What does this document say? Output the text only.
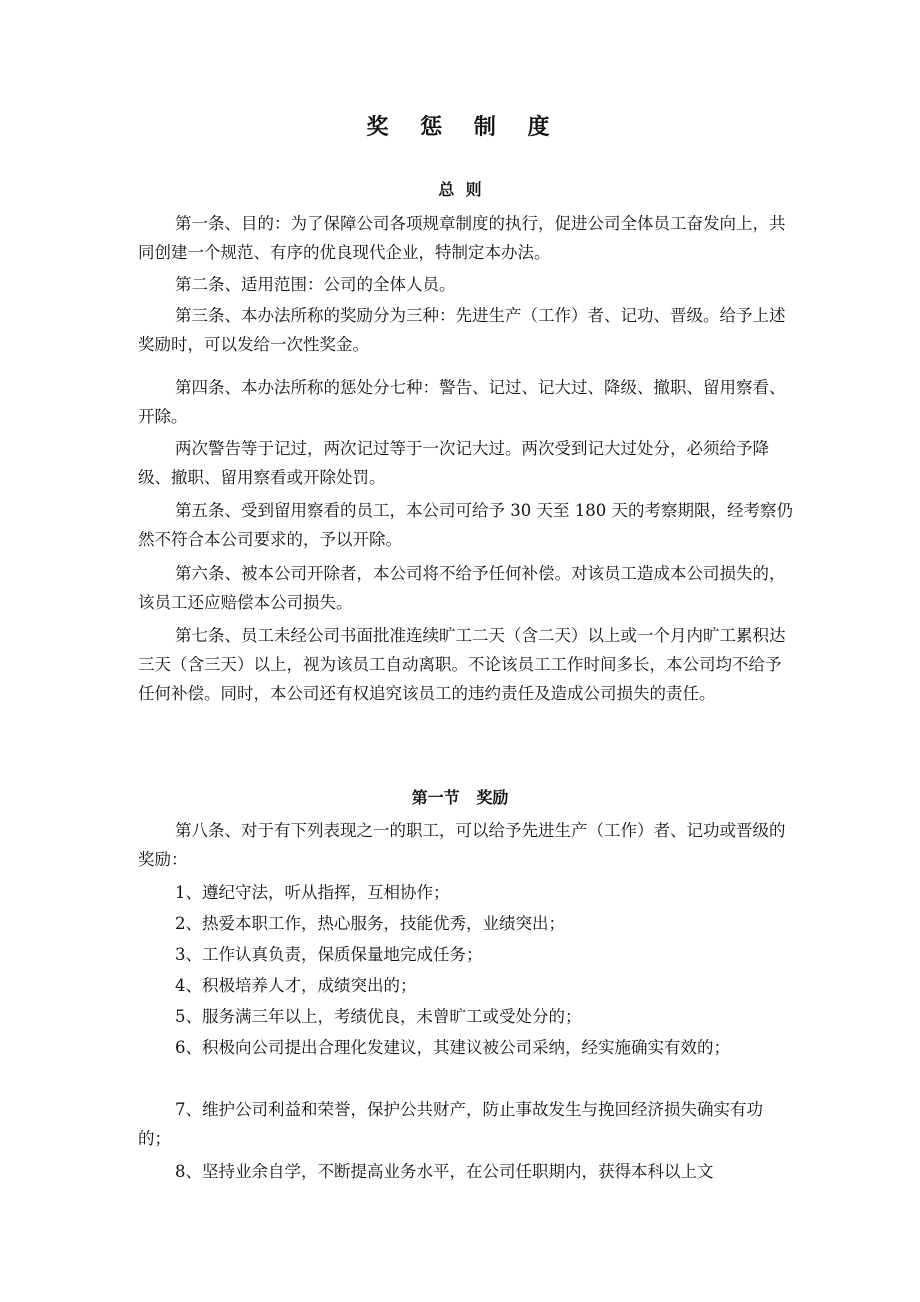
奖 惩 制 度
总  则

第一条、目的：为了保障公司各项规章制度的执行，促进公司全体员工奋发向上，共同创建一个规范、有序的优良现代企业，特制定本办法。

第二条、适用范围：公司的全体人员。

第三条、本办法所称的奖励分为三种：先进生产（工作）者、记功、晋级。给予上述奖励时，可以发给一次性奖金。

第四条、本办法所称的惩处分七种：警告、记过、记大过、降级、撤职、留用察看、开除。

两次警告等于记过，两次记过等于一次记大过。两次受到记大过处分，必须给予降级、撤职、留用察看或开除处罚。

第五条、受到留用察看的员工，本公司可给予 30 天至 180 天的考察期限，经考察仍然不符合本公司要求的，予以开除。

第六条、被本公司开除者，本公司将不给予任何补偿。对该员工造成本公司损失的，该员工还应赔偿本公司损失。

第七条、员工未经公司书面批准连续旷工二天（含二天）以上或一个月内旷工累积达三天（含三天）以上，视为该员工自动离职。不论该员工工作时间多长，本公司均不给予任何补偿。同时，本公司还有权追究该员工的违约责任及造成公司损失的责任。

第一节   奖励

第八条、对于有下列表现之一的职工，可以给予先进生产（工作）者、记功或晋级的奖励：

1、遵纪守法，听从指挥，互相协作；

2、热爱本职工作，热心服务，技能优秀，业绩突出；

3、工作认真负责，保质保量地完成任务；

4、积极培养人才，成绩突出的；

5、服务满三年以上，考绩优良，未曾旷工或受处分的；

6、积极向公司提出合理化发建议，其建议被公司采纳，经实施确实有效的；

7、维护公司利益和荣誉，保护公共财产，防止事故发生与挽回经济损失确实有功的；

8、坚持业余自学，不断提高业务水平，在公司任职期内，获得本科以上文
